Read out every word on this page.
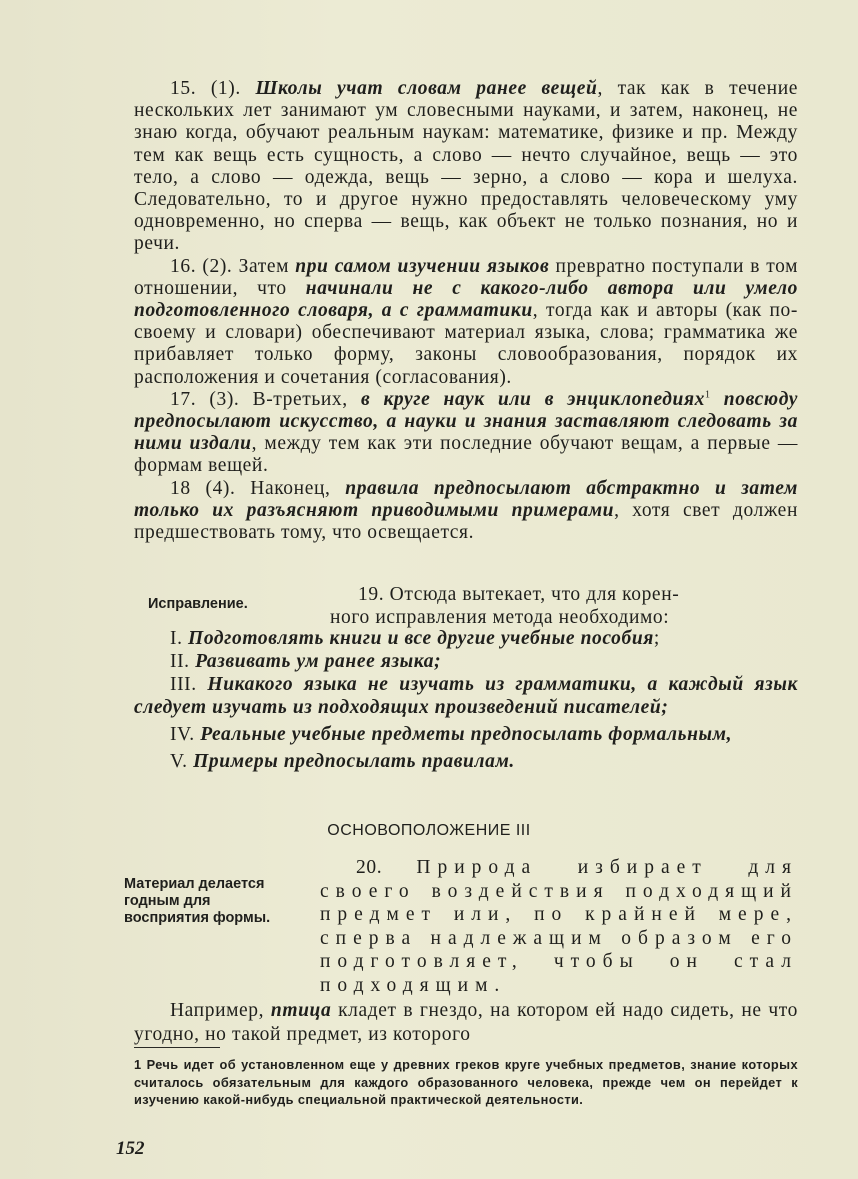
15. (1). Школы учат словам ранее вещей, так как в течение нескольких лет занимают ум словесными науками, и затем, наконец, не знаю когда, обучают реальным наукам: математике, физике и пр. Между тем как вещь есть сущность, а слово — нечто случайное, вещь — это тело, а слово — одежда, вещь — зерно, а слово — кора и шелуха. Следовательно, то и другое нужно предоставлять человеческому уму одновременно, но сперва — вещь, как объект не только познания, но и речи.

16. (2). Затем при самом изучении языков превратно поступали в том отношении, что начинали не с какого-либо автора или умело подготовленного словаря, а с грамматики, тогда как и авторы (как по-своему и словари) обеспечивают материал языка, слова; грамматика же прибавляет только форму, законы словообразования, порядок их расположения и сочетания (согласования).

17. (3). В-третьих, в круге наук или в энциклопедиях$^1$ повсюду предпосылают искусство, а науки и знания заставляют следовать за ними издали, между тем как эти последние обучают вещам, а первые — формам вещей.

18 (4). Наконец, правила предпосылают абстрактно и затем только их разъясняют приводимыми примерами, хотя свет должен предшествовать тому, что освещается.

Исправление.	19. Отсюда вытекает, что для корен-
ного исправления метода необходимо:

I. Подготовлять книги и все другие учебные пособия;

II. Развивать ум ранее языка;

III. Никакого языка не изучать из грамматики, а каждый язык следует изучать из подходящих произведений писателей;

IV. Реальные учебные предметы предпосылать формальным,

V. Примеры предпосылать правилам.

ОСНОВОПОЛОЖЕНИЕ III
Материал делается годным для восприятия формы.
20. Природа избирает для своего воздействия подходящий предмет или, по крайней мере, сперва надлежащим образом его подготовляет, чтобы он стал подходящим.

Например, птица кладет в гнездо, на котором ей надо сидеть, не что угодно, но такой предмет, из которого

1 Речь идет об установленном еще у древних греков круге учебных предметов, знание которых считалось обязательным для каждого образованного человека, прежде чем он перейдет к изучению какой-нибудь специальной практической деятельности.
152
